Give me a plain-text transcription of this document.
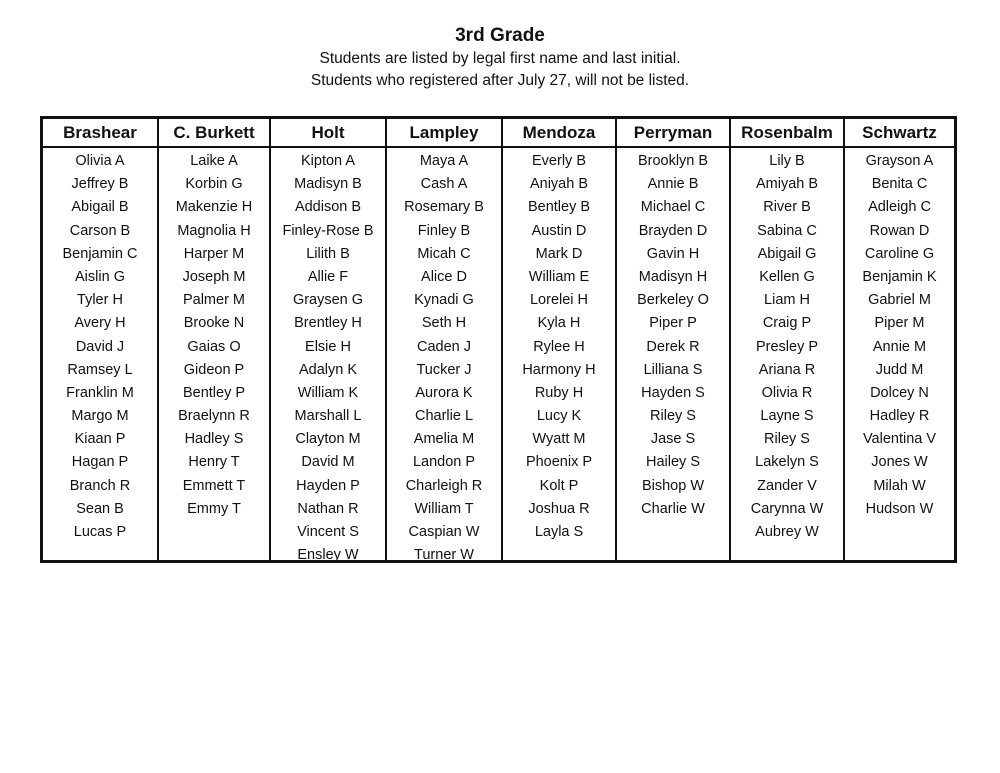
3rd Grade
Students are listed by legal first name and last initial.
Students who registered after July 27, will not be listed.
Brashear
Olivia A
Jeffrey B
Abigail B
Carson B
Benjamin C
Aislin G
Tyler H
Avery H
David J
Ramsey L
Franklin M
Margo M
Kiaan P
Hagan P
Branch R
Sean B
Lucas P
C. Burkett
Laike A
Korbin G
Makenzie H
Magnolia H
Harper M
Joseph M
Palmer M
Brooke N
Gaias O
Gideon P
Bentley P
Braelynn R
Hadley S
Henry T
Emmett T
Emmy T
Holt
Kipton A
Madisyn B
Addison B
Finley-Rose B
Lilith B
Allie F
Graysen G
Brentley H
Elsie H
Adalyn K
William K
Marshall L
Clayton M
David M
Hayden P
Nathan R
Vincent S
Ensley W
Lampley
Maya A
Cash A
Rosemary B
Finley B
Micah C
Alice D
Kynadi G
Seth H
Caden J
Tucker J
Aurora K
Charlie L
Amelia M
Landon P
Charleigh R
William T
Caspian W
Turner W
Mendoza
Everly B
Aniyah B
Bentley B
Austin D
Mark D
William E
Lorelei H
Kyla H
Rylee H
Harmony H
Ruby H
Lucy K
Wyatt M
Phoenix P
Kolt P
Joshua R
Layla S
Perryman
Brooklyn B
Annie B
Michael C
Brayden D
Gavin H
Madisyn H
Berkeley O
Piper P
Derek R
Lilliana S
Hayden S
Riley S
Jase S
Hailey S
Bishop W
Charlie W
Rosenbalm
Lily B
Amiyah B
River B
Sabina C
Abigail G
Kellen G
Liam H
Craig P
Presley P
Ariana R
Olivia R
Layne S
Riley S
Lakelyn S
Zander V
Carynna W
Aubrey W
Schwartz
Grayson A
Benita C
Adleigh C
Rowan D
Caroline G
Benjamin K
Gabriel M
Piper M
Annie M
Judd M
Dolcey N
Hadley R
Valentina V
Jones W
Milah W
Hudson W
